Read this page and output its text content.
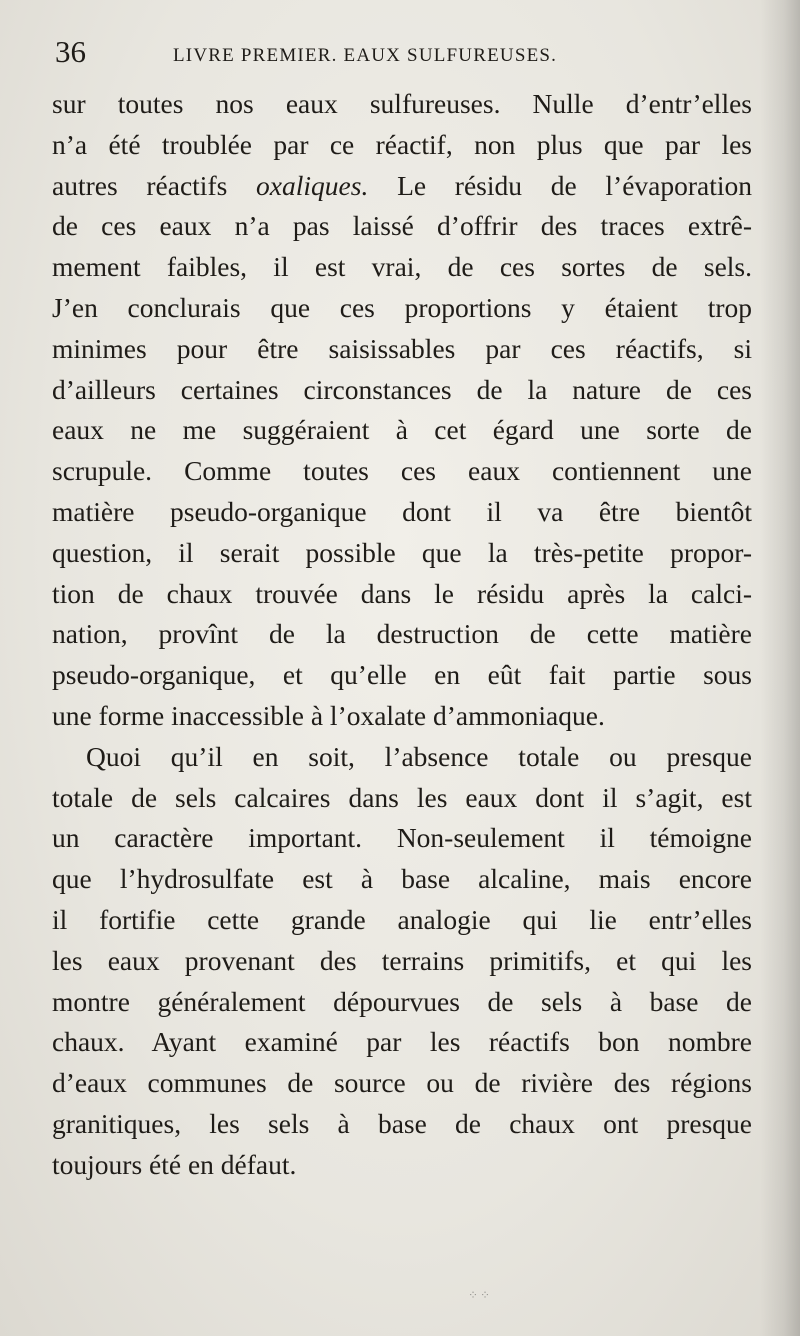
36	LIVRE PREMIER. EAUX SULFUREUSES.
sur toutes nos eaux sulfureuses. Nulle d’entr’elles
n’a été troublée par ce réactif, non plus que par les
autres réactifs oxaliques. Le résidu de l’évaporation
de ces eaux n’a pas laissé d’offrir des traces extrê-
mement faibles, il est vrai, de ces sortes de sels.
J’en conclurais que ces proportions y étaient trop
minimes pour être saisissables par ces réactifs, si
d’ailleurs certaines circonstances de la nature de ces
eaux ne me suggéraient à cet égard une sorte de
scrupule. Comme toutes ces eaux contiennent une
matière pseudo-organique dont il va être bientôt
question, il serait possible que la très-petite propor-
tion de chaux trouvée dans le résidu après la calci-
nation, provînt de la destruction de cette matière
pseudo-organique, et qu’elle en eût fait partie sous
une forme inaccessible à l’oxalate d’ammoniaque.
Quoi qu’il en soit, l’absence totale ou presque
totale de sels calcaires dans les eaux dont il s’agit, est
un caractère important. Non-seulement il témoigne
que l’hydrosulfate est à base alcaline, mais encore
il fortifie cette grande analogie qui lie entr’elles
les eaux provenant des terrains primitifs, et qui les
montre généralement dépourvues de sels à base de
chaux. Ayant examiné par les réactifs bon nombre
d’eaux communes de source ou de rivière des régions
granitiques, les sels à base de chaux ont presque
toujours été en défaut.
⁘⁘
